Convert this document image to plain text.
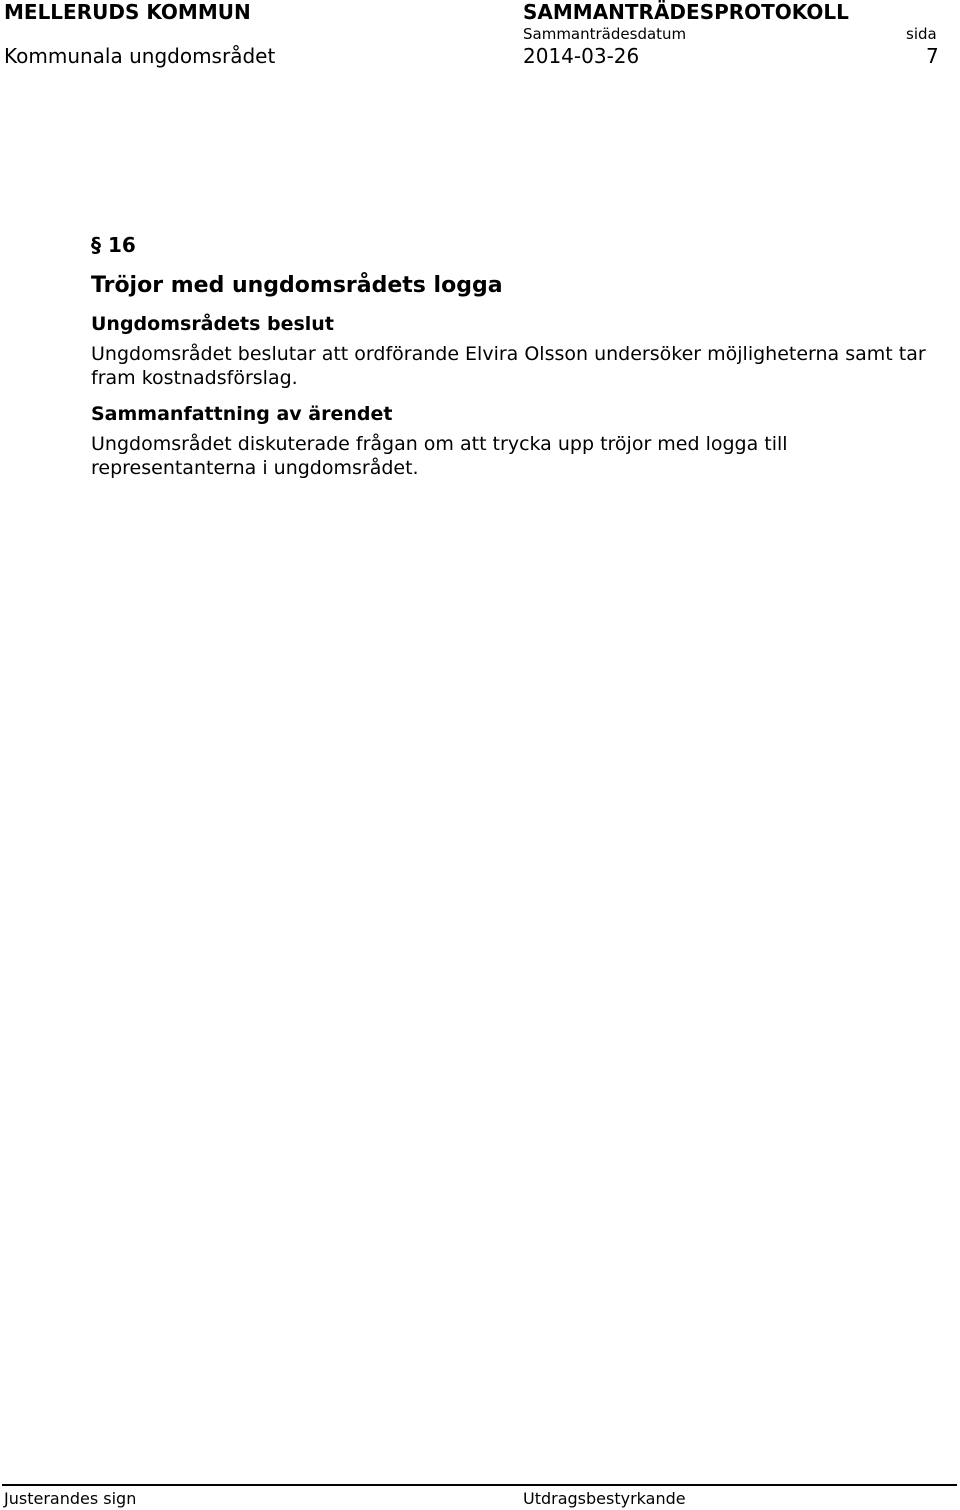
MELLERUDS KOMMUN
Kommunala ungdomsrådet
SAMMANTRÄDESPROTOKOLL
Sammanträdesdatum
2014-03-26
sida
7
§ 16
Tröjor med ungdomsrådets logga
Ungdomsrådets beslut
Ungdomsrådet beslutar att ordförande Elvira Olsson undersöker möjligheterna samt tar fram kostnadsförslag.
Sammanfattning av ärendet
Ungdomsrådet diskuterade frågan om att trycka upp tröjor med logga till representanterna i ungdomsrådet.
Justerandes sign	Utdragsbestyrkande
